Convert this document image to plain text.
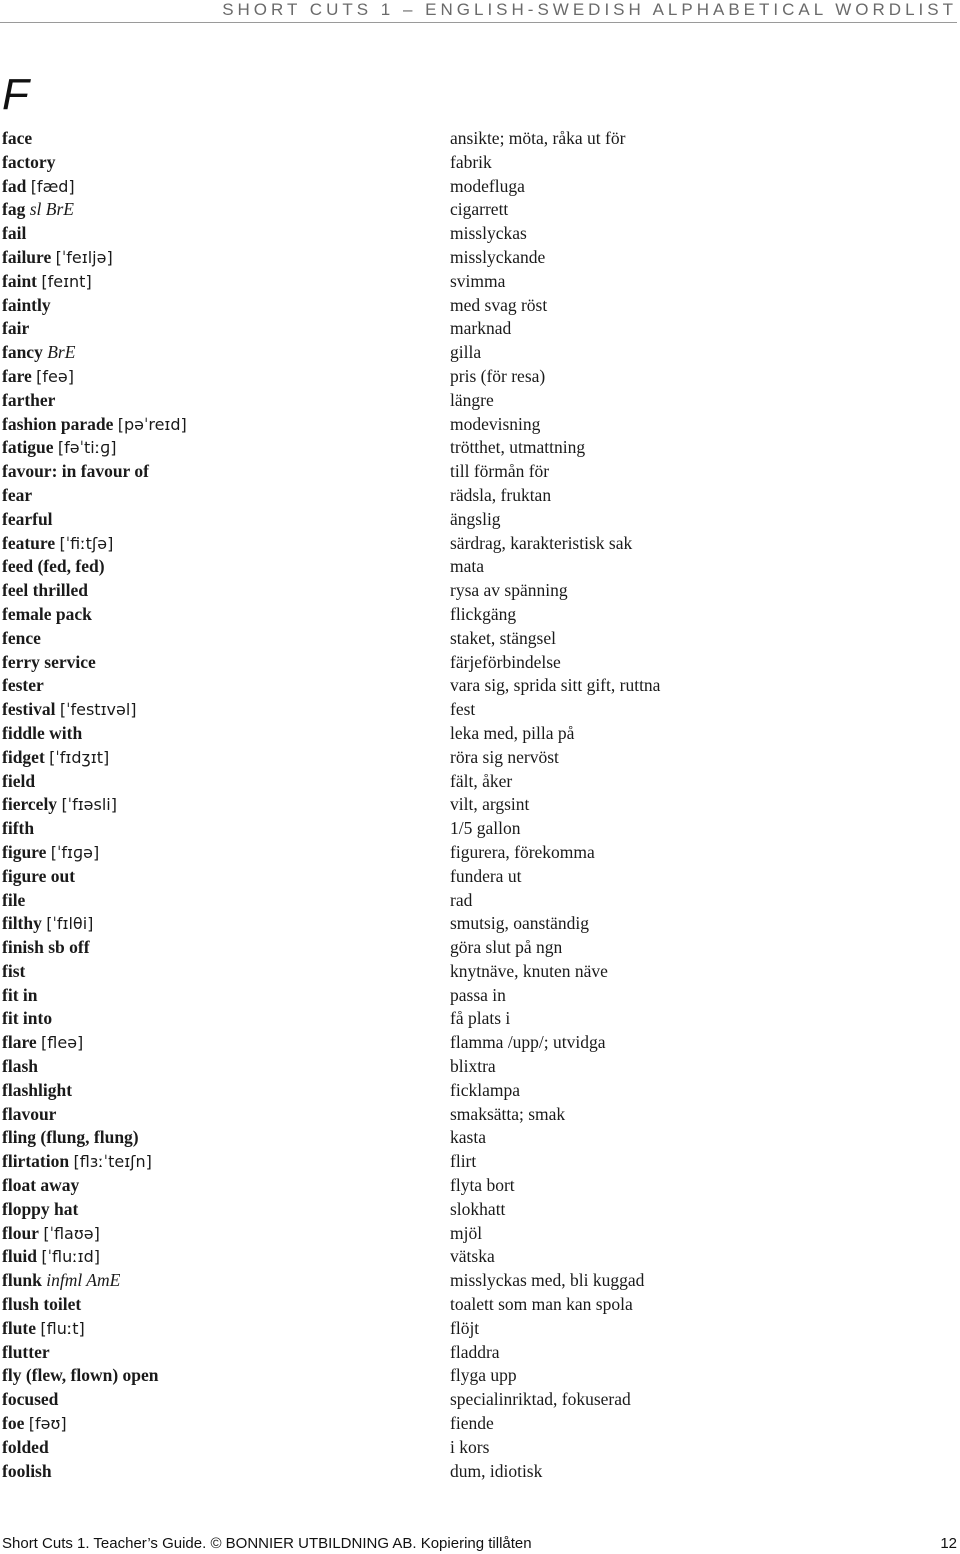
SHORT CUTS 1 – ENGLISH-SWEDISH ALPHABETICAL WORDLIST
F
face	ansikte; möta, råka ut för
factory	fabrik
fad [fæd]	modefluga
fag sl BrE	cigarrett
fail	misslyckas
failure [ˈfeɪljə]	misslyckande
faint [feɪnt]	svimma
faintly	med svag röst
fair	marknad
fancy BrE	gilla
fare [feə]	pris (för resa)
farther	längre
fashion parade [pəˈreɪd]	modevisning
fatigue [fəˈtiːɡ]	trötthet, utmattning
favour: in favour of	till förmån för
fear	rädsla, fruktan
fearful	ängslig
feature [ˈfiːtʃə]	särdrag, karakteristisk sak
feed (fed, fed)	mata
feel thrilled	rysa av spänning
female pack	flickgäng
fence	staket, stängsel
ferry service	färjeförbindelse
fester	vara sig, sprida sitt gift, ruttna
festival [ˈfestɪvəl]	fest
fiddle with	leka med, pilla på
fidget [ˈfɪdʒɪt]	röra sig nervöst
field	fält, åker
fiercely [ˈfɪəsli]	vilt, argsint
fifth	1/5 gallon
figure [ˈfɪɡə]	figurera, förekomma
figure out	fundera ut
file	rad
filthy [ˈfɪlθi]	smutsig, oanständig
finish sb off	göra slut på ngn
fist	knytnäve, knuten näve
fit in	passa in
fit into	få plats i
flare [fleə]	flamma /upp/; utvidga
flash	blixtra
flashlight	ficklampa
flavour	smaksätta; smak
fling (flung, flung)	kasta
flirtation [flɜːˈteɪʃn]	flirt
float away	flyta bort
floppy hat	slokhatt
flour [ˈflaʊə]	mjöl
fluid [ˈfluːɪd]	vätska
flunk infml AmE	misslyckas med, bli kuggad
flush toilet	toalett som man kan spola
flute [fluːt]	flöjt
flutter	fladdra
fly (flew, flown) open	flyga upp
focused	specialinriktad, fokuserad
foe [fəʊ]	fiende
folded	i kors
foolish	dum, idiotisk
Short Cuts 1. Teacher’s Guide. © BONNIER UTBILDNING AB. Kopiering tillåten	12
